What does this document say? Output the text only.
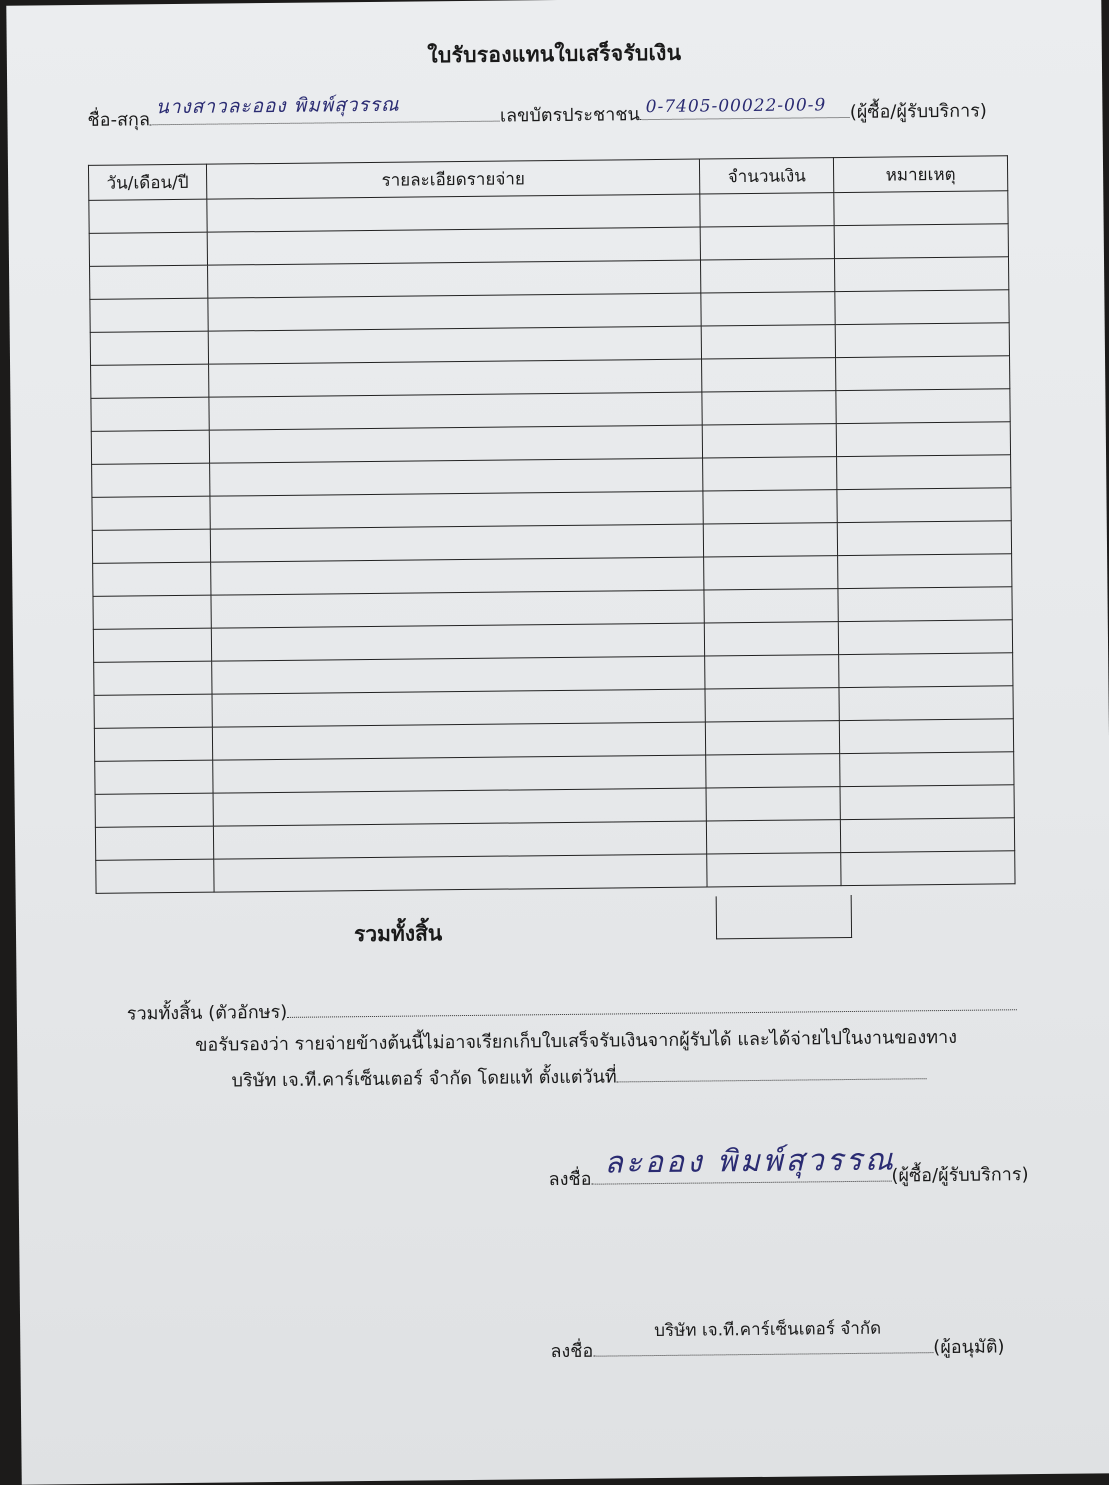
ใบรับรองแทนใบเสร็จรับเงิน
ชื่อ-สกุล
นางสาวละออง พิมพ์สุวรรณ	เลขบัตรประชาชน 0-7405-00022-00-9 (ผู้ซื้อ/ผู้รับบริการ)
วัน/เดือน/ปี	รายละเอียดรายจ่าย	จำนวนเงิน	หมายเหตุ

รวมทั้งสิ้น
รวมทั้งสิ้น (ตัวอักษร)
ขอรับรองว่า รายจ่ายข้างต้นนี้ไม่อาจเรียกเก็บใบเสร็จรับเงินจากผู้รับได้ และได้จ่ายไปในงานของทาง
บริษัท เจ.ที.คาร์เซ็นเตอร์ จำกัด โดยแท้ ตั้งแต่วันที่
ลงชื่อ	(ผู้ซื้อ/ผู้รับบริการ)
ละออง พิมพ์สุวรรณ
บริษัท เจ.ที.คาร์เซ็นเตอร์ จำกัด
ลงชื่อ	(ผู้อนุมัติ)
